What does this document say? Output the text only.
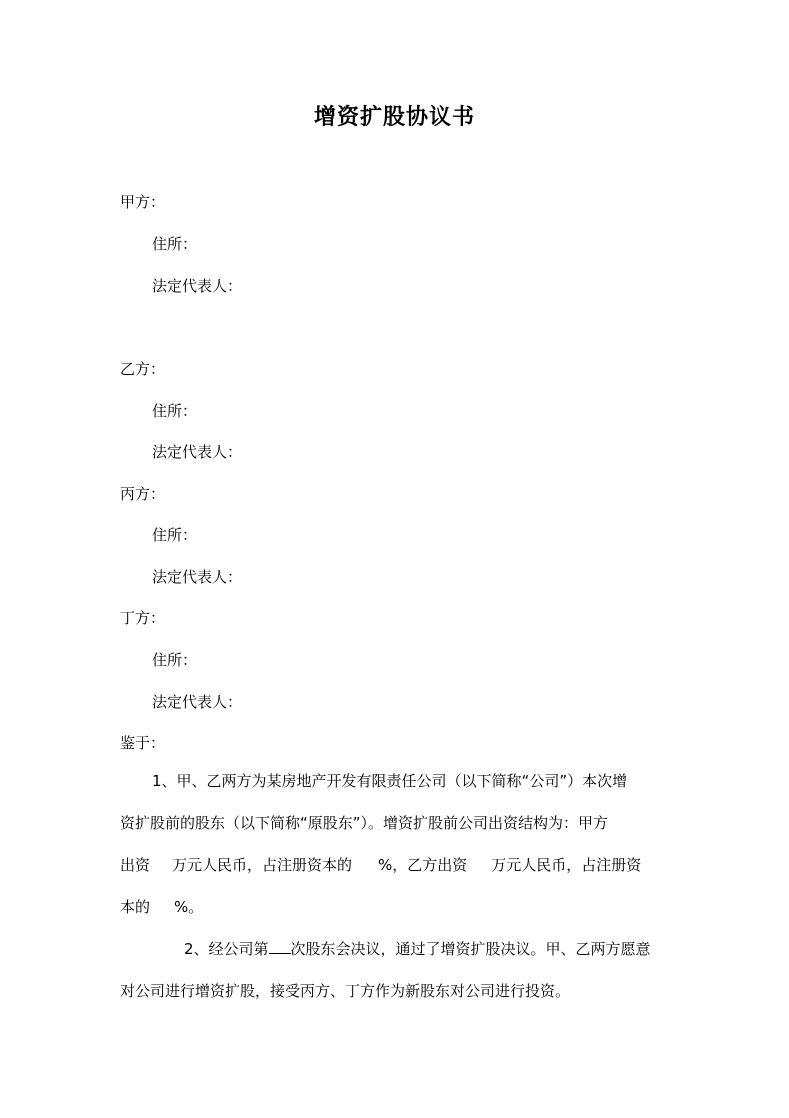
增资扩股协议书
甲方：
住所：
法定代表人：
乙方：
住所：
法定代表人：
丙方：
住所：
法定代表人：
丁方：
住所：
法定代表人：
鉴于：
1、甲、乙两方为某房地产开发有限责任公司（以下简称“公司”）本次增
资扩股前的股东（以下简称“原股东”）。增资扩股前公司出资结构为：甲方
出资 万元人民币，占注册资本的 %，乙方出资 万元人民币，占注册资
本的 %。
2、经公司第 次股东会决议，通过了增资扩股决议。甲、乙两方愿意
对公司进行增资扩股，接受丙方、丁方作为新股东对公司进行投资。
